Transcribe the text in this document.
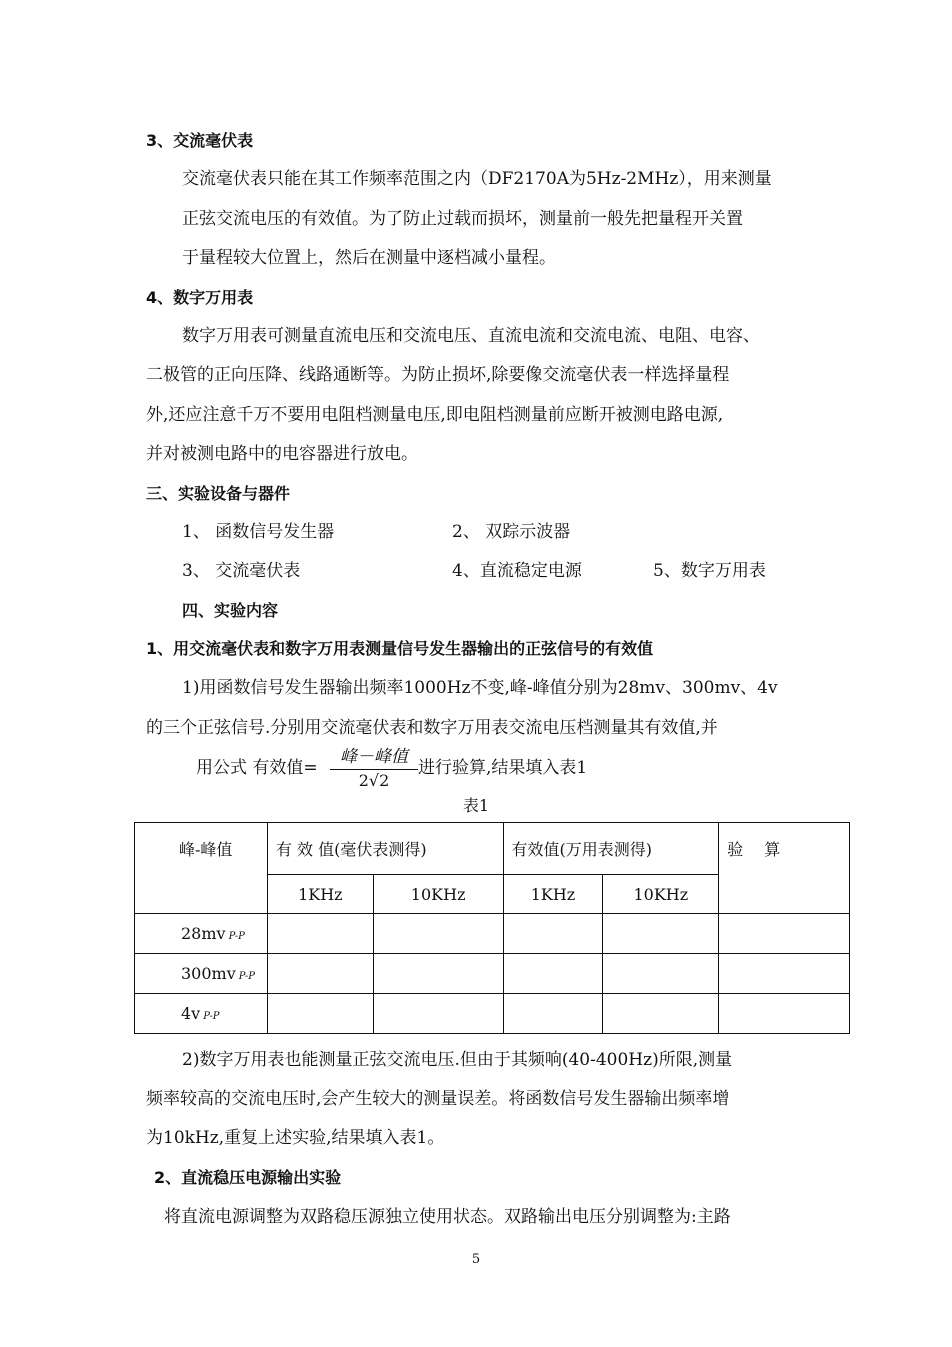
3、交流毫伏表
交流毫伏表只能在其工作频率范围之内（DF2170A为5Hz-2MHz），用来测量
正弦交流电压的有效值。为了防止过载而损坏，测量前一般先把量程开关置
于量程较大位置上，然后在测量中逐档减小量程。
4、数字万用表
数字万用表可测量直流电压和交流电压、直流电流和交流电流、电阻、电容、
二极管的正向压降、线路通断等。为防止损坏,除要像交流毫伏表一样选择量程
外,还应注意千万不要用电阻档测量电压,即电阻档测量前应断开被测电路电源,
并对被测电路中的电容器进行放电。
三、实验设备与器件
1、 函数信号发生器	2、 双踪示波器
3、 交流毫伏表	4、直流稳定电源	5、数字万用表
四、实验内容
1、用交流毫伏表和数字万用表测量信号发生器输出的正弦信号的有效值
1)用函数信号发生器输出频率1000Hz不变,峰-峰值分别为28mv、300mv、4v
的三个正弦信号.分别用交流毫伏表和数字万用表交流电压档测量其有效值,并
用公式 有效值=
峰－峰值
2√2
进行验算,结果填入表1
表1
峰-峰值	有 效 值(毫伏表测得)		有效值(万用表测得)		验　 算
	1KHz	10KHz	1KHz	10KHz	
28mv P-P					
300mv P-P					
4v P-P					
2)数字万用表也能测量正弦交流电压.但由于其频响(40-400Hz)所限,测量
频率较高的交流电压时,会产生较大的测量误差。将函数信号发生器输出频率增
为10kHz,重复上述实验,结果填入表1。
2、直流稳压电源输出实验
将直流电源调整为双路稳压源独立使用状态。双路输出电压分别调整为:主路
5
